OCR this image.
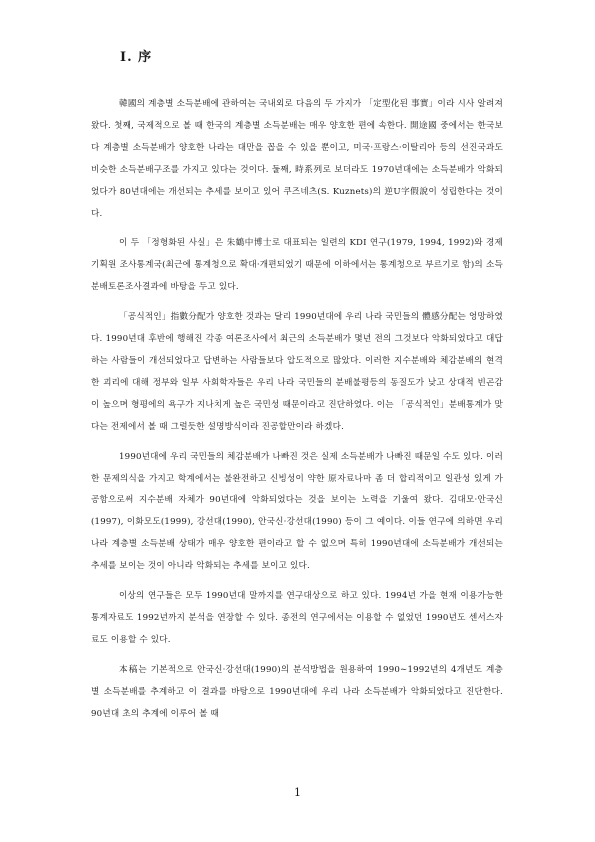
Ⅰ. 序

韓國의 계층별 소득분배에 관하여는 국내외로 다음의 두 가지가 「定型化된 事實」이라 시사 알려져 왔다. 첫째, 국제적으로 볼 때 한국의 계층별 소득분배는 매우 양호한 편에 속한다. 開途國 중에서는 한국보다 계층별 소득분배가 양호한 나라는 대만을 꼽을 수 있을 뿐이고, 미국·프랑스·이탈리아 등의 선진국과도 비슷한 소득분배구조를 가지고 있다는 것이다. 둘째, 時系列로 보더라도 1970년대에는 소득분배가 악화되었다가 80년대에는 개선되는 추세를 보이고 있어 쿠즈네츠(S. Kuznets)의 逆U字假說이 성립한다는 것이다.

이 두 「정형화된 사실」은 朱鶴中博士로 대표되는 일련의 KDI 연구(1979, 1994, 1992)와 경제기획원 조사통계국(최근에 통계청으로 확대·개편되었기 때문에 이하에서는 통계청으로 부르기로 함)의 소득분배토론조사결과에 바탕을 두고 있다.

「공식적인」指數分配가 양호한 것과는 달리 1990년대에 우리 나라 국민들의 體感分配는 엉망하였다. 1990년대 후반에 행해진 각종 여론조사에서 최근의 소득분배가 몇년 전의 그것보다 악화되었다고 대답하는 사람들이 개선되었다고 답변하는 사람들보다 압도적으로 많았다. 이러한 지수분배와 체감분배의 현격한 괴리에 대해 정부와 일부 사회학자들은 우리 나라 국민들의 분배불평등의 동질도가 낮고 상대적 빈곤감이 높으며 형평에의 욕구가 지나치게 높은 국민성 때문이라고 진단하였다. 이는 「공식적인」분배통계가 맞다는 전제에서 볼 때 그럴듯한 설명방식이라 진공할만이라 하겠다.

1990년대에 우리 국민들의 체감분배가 나빠진 것은 실제 소득분배가 나빠진 때문일 수도 있다. 이러한 문제의식을 가지고 학계에서는 불완전하고 신빙성이 약한 原자료나마 좀 더 합리적이고 일관성 있게 가공함으로써 지수분배 자체가 90년대에 악화되었다는 것을 보이는 노력을 기울여 왔다. 김대모·안국신(1997), 이화모도(1999), 강선대(1990), 안국신·강선대(1990) 등이 그 예이다. 이들 연구에 의하면 우리 나라 계층별 소득분배 상태가 매우 양호한 편이라고 할 수 없으며 특히 1990년대에 소득분배가 개선되는 추세를 보이는 것이 아니라 악화되는 추세를 보이고 있다.

이상의 연구들은 모두 1990년대 말까지를 연구대상으로 하고 있다. 1994년 가을 현재 이용가능한 통계자료도 1992년까지 분석을 연장할 수 있다. 종전의 연구에서는 이용할 수 없었던 1990년도 센서스자료도 이용할 수 있다.

本稿는 기본적으로 안국신·강선대(1990)의 분석방법을 원용하여 1990∼1992년의 4개년도 계층별 소득분배를 추계하고 이 결과를 바탕으로 1990년대에 우리 나라 소득분배가 악화되었다고 진단한다. 90년대 초의 추계에 이루어 볼 때

1
